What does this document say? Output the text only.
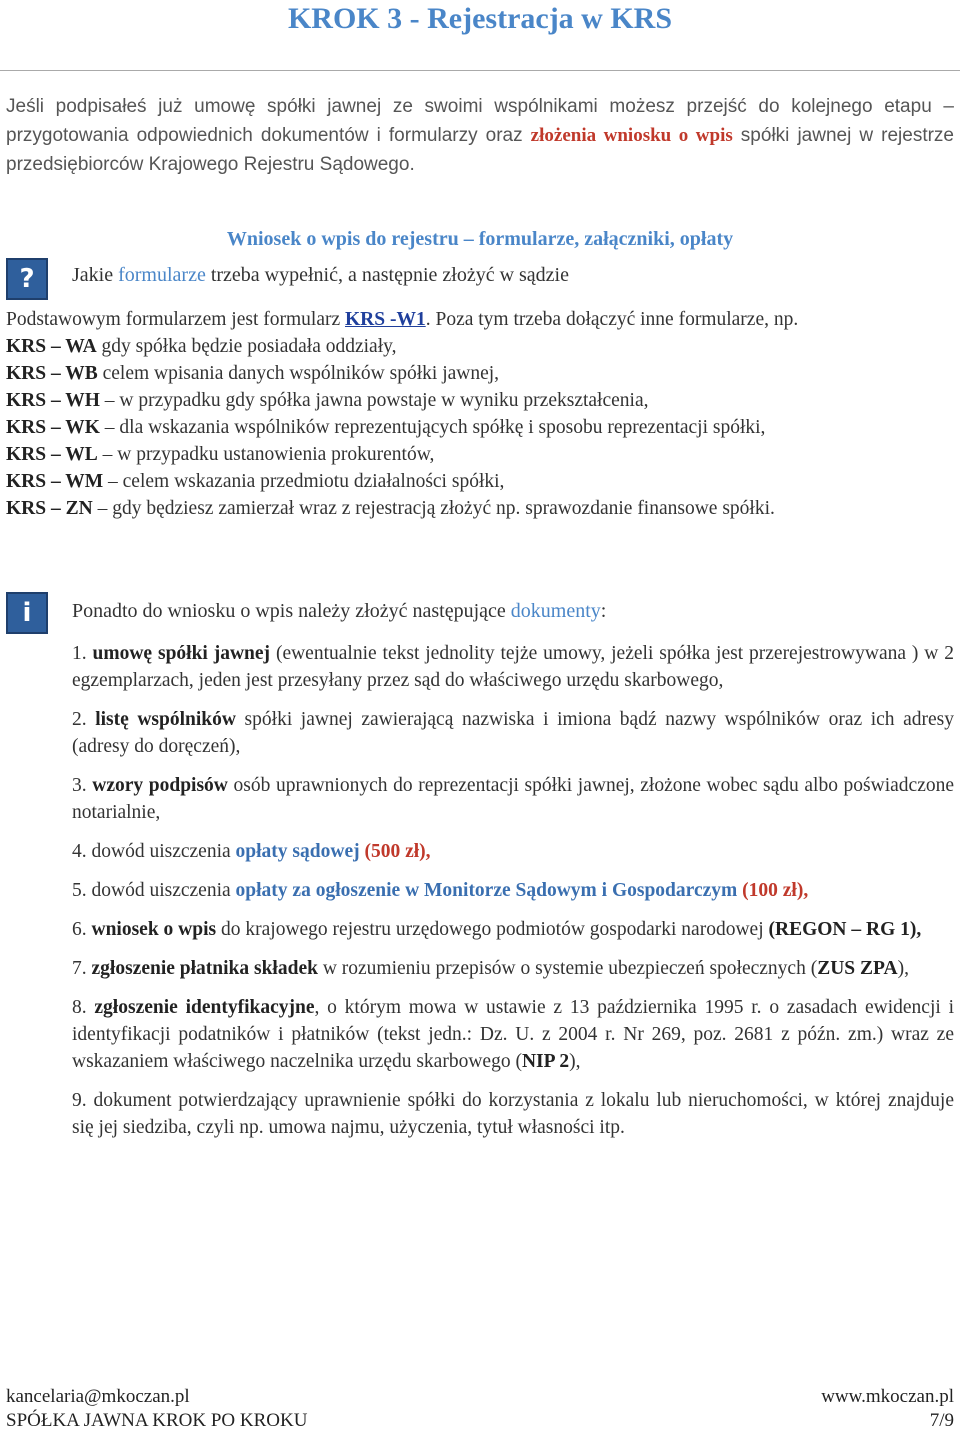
KROK 3 - Rejestracja w KRS
Jeśli podpisałeś już umowę spółki jawnej ze swoimi wspólnikami możesz przejść do kolejnego etapu – przygotowania odpowiednich dokumentów i formularzy oraz złożenia wniosku o wpis spółki jawnej w rejestrze przedsiębiorców Krajowego Rejestru Sądowego.
Wniosek o wpis do rejestru – formularze, załączniki, opłaty
?	Jakie formularze trzeba wypełnić, a następnie złożyć w sądzie
Podstawowym formularzem jest formularz KRS -W1. Poza tym trzeba dołączyć inne formularze, np.
KRS – WA gdy spółka będzie posiadała oddziały,
KRS – WB celem wpisania danych wspólników spółki jawnej,
KRS – WH – w przypadku gdy spółka jawna powstaje w wyniku przekształcenia,
KRS – WK – dla wskazania wspólników reprezentujących spółkę i sposobu reprezentacji spółki,
KRS – WL – w przypadku ustanowienia prokurentów,
KRS – WM – celem wskazania przedmiotu działalności spółki,
KRS – ZN – gdy będziesz zamierzał wraz z rejestracją złożyć np. sprawozdanie finansowe spółki.
i	Ponadto do wniosku o wpis należy złożyć następujące dokumenty:

1. umowę spółki jawnej (ewentualnie tekst jednolity tejże umowy, jeżeli spółka jest przerejestrowywana ) w 2 egzemplarzach, jeden jest przesyłany przez sąd do właściwego urzędu skarbowego,

2. listę wspólników spółki jawnej zawierającą nazwiska i imiona bądź nazwy wspólników oraz ich adresy (adresy do doręczeń),

3. wzory podpisów osób uprawnionych do reprezentacji spółki jawnej, złożone wobec sądu albo poświadczone notarialnie,

4. dowód uiszczenia opłaty sądowej (500 zł),

5. dowód uiszczenia opłaty za ogłoszenie w Monitorze Sądowym i Gospodarczym (100 zł),

6. wniosek o wpis do krajowego rejestru urzędowego podmiotów gospodarki narodowej (REGON – RG 1),

7. zgłoszenie płatnika składek w rozumieniu przepisów o systemie ubezpieczeń społecznych (ZUS ZPA),

8. zgłoszenie identyfikacyjne, o którym mowa w ustawie z 13 października 1995 r. o zasadach ewidencji i identyfikacji podatników i płatników (tekst jedn.: Dz. U. z 2004 r. Nr 269, poz. 2681 z późn. zm.) wraz ze wskazaniem właściwego naczelnika urzędu skarbowego (NIP 2),

9. dokument potwierdzający uprawnienie spółki do korzystania z lokalu lub nieruchomości, w której znajduje się jej siedziba, czyli np. umowa najmu, użyczenia, tytuł własności itp.

kancelaria@mkoczan.pl	www.mkoczan.pl
SPÓŁKA JAWNA KROK PO KROKU	7/9
